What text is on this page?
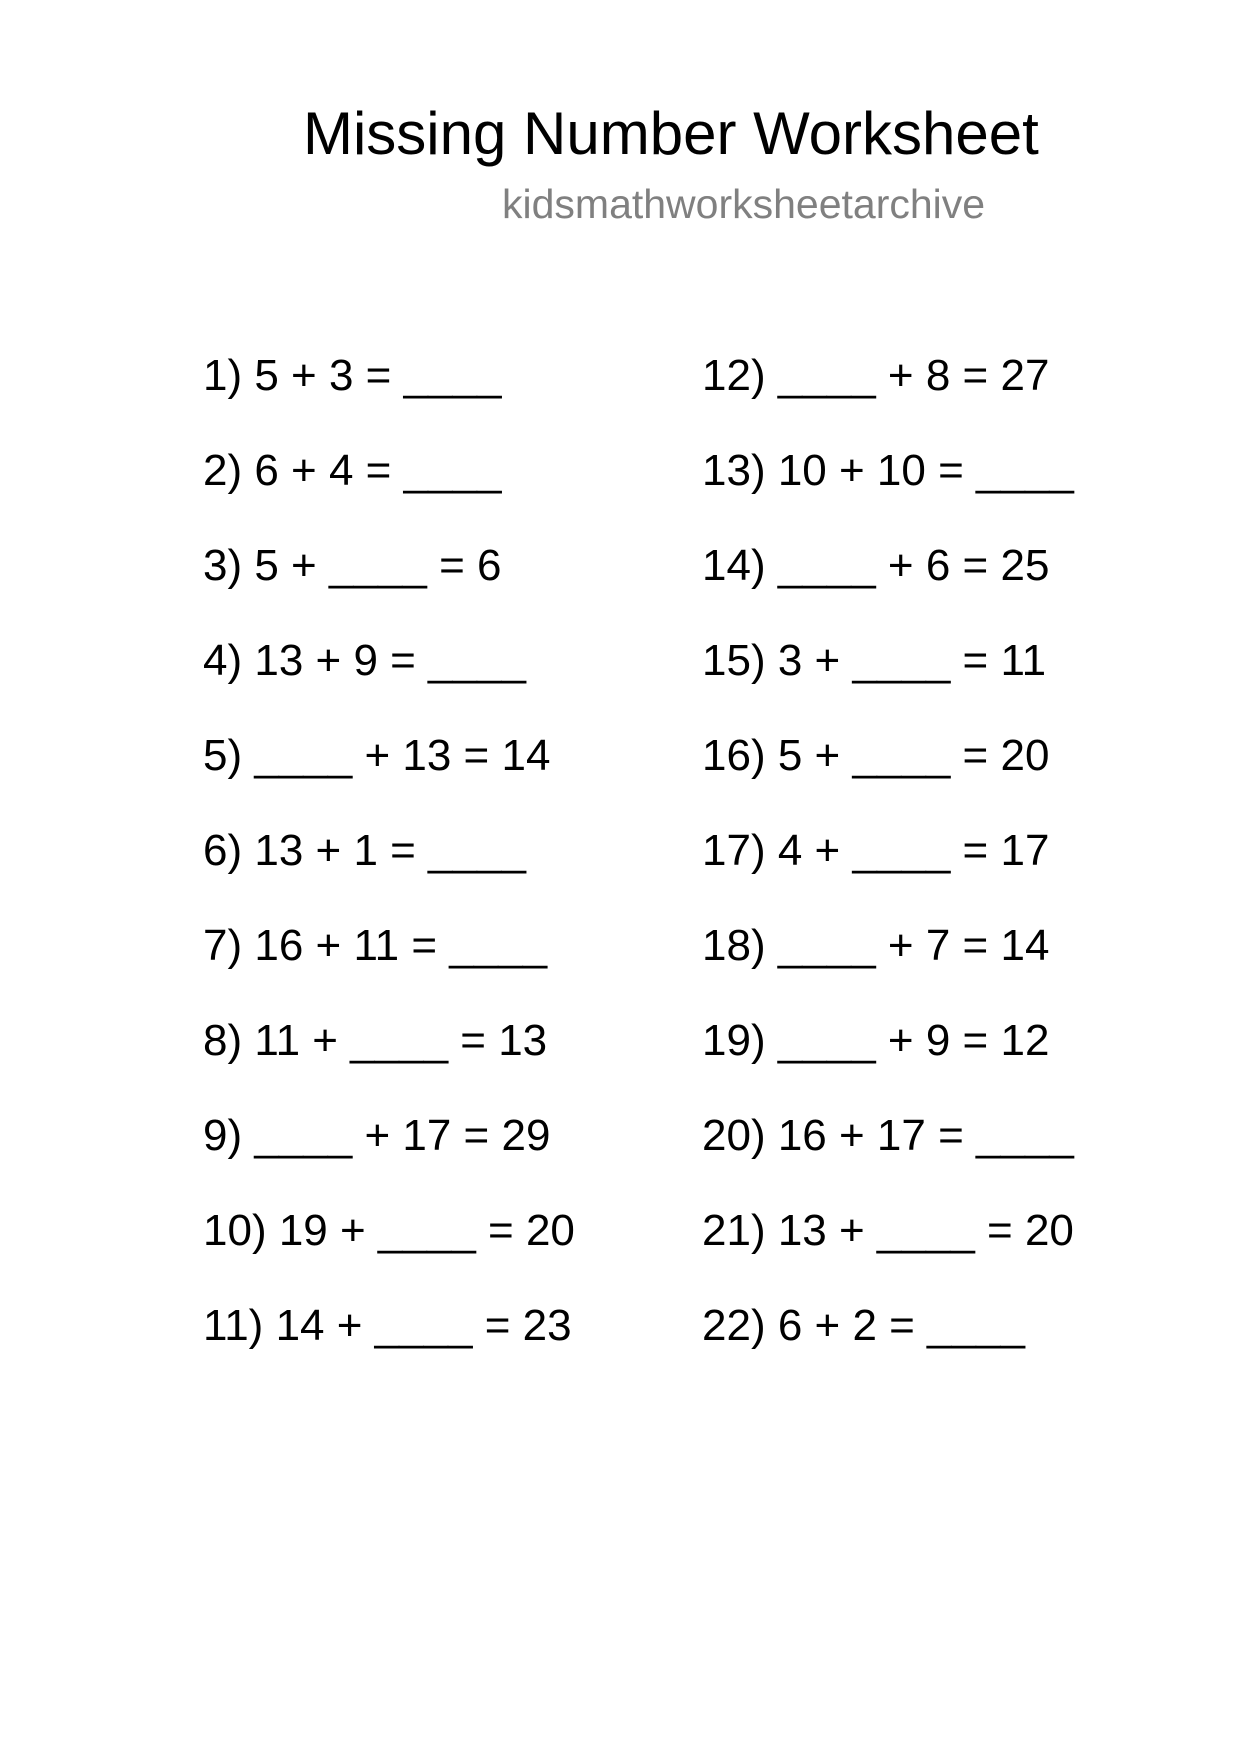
Missing Number Worksheet
kidsmathworksheetarchive
1) 5 + 3 = ____
2) 6 + 4 = ____
3) 5 + ____ = 6
4) 13 + 9 = ____
5) ____ + 13 = 14
6) 13 + 1 = ____
7) 16 + 11 = ____
8) 11 + ____ = 13
9) ____ + 17 = 29
10) 19 + ____ = 20
11) 14 + ____ = 23
12) ____ + 8 = 27
13) 10 + 10 = ____
14) ____ + 6 = 25
15) 3 + ____ = 11
16) 5 + ____ = 20
17) 4 + ____ = 17
18) ____ + 7 = 14
19) ____ + 9 = 12
20) 16 + 17 = ____
21) 13 + ____ = 20
22) 6 + 2 = ____
